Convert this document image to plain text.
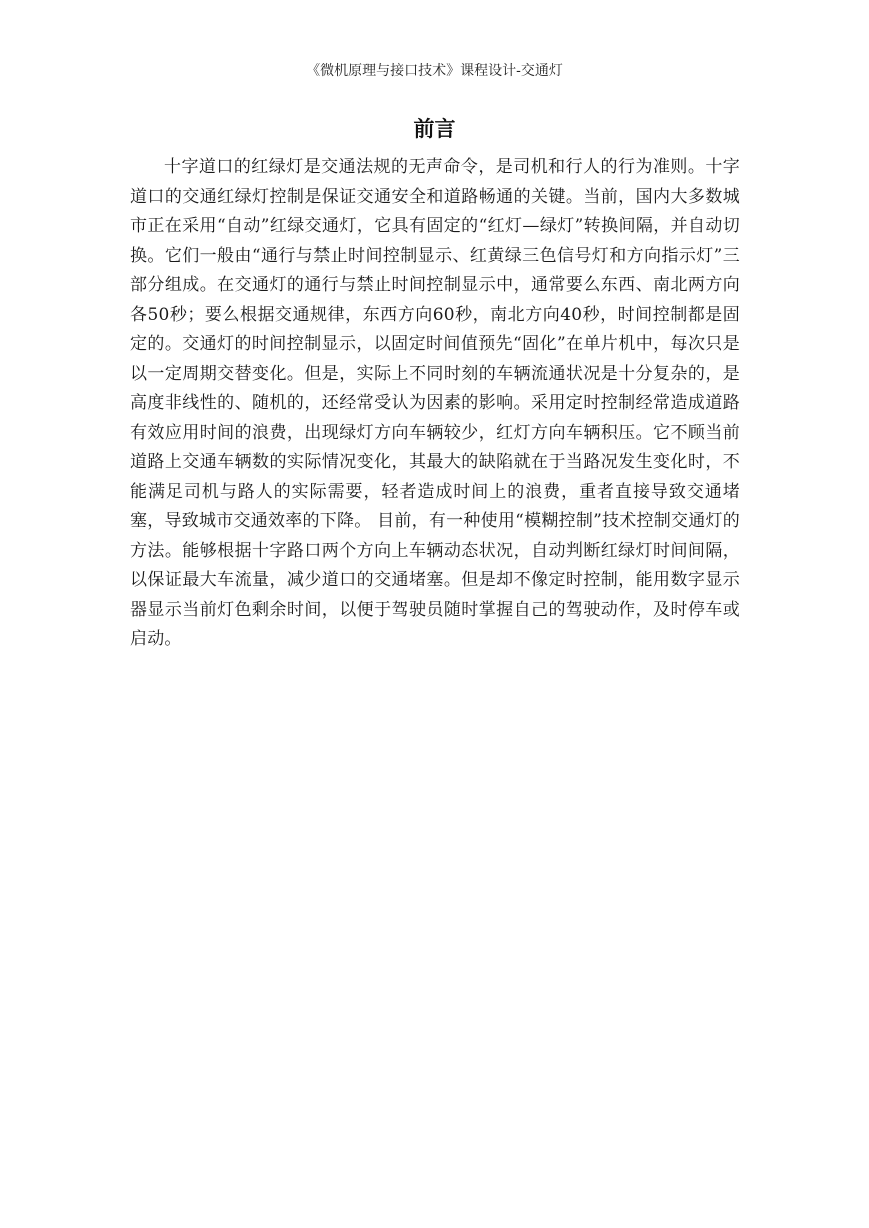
《微机原理与接口技术》课程设计-交通灯
前言

十字道口的红绿灯是交通法规的无声命令，是司机和行人的行为准则。十字道口的交通红绿灯控制是保证交通安全和道路畅通的关键。当前，国内大多数城市正在采用“自动”红绿交通灯，它具有固定的“红灯—绿灯”转换间隔，并自动切换。它们一般由“通行与禁止时间控制显示、红黄绿三色信号灯和方向指示灯”三部分组成。在交通灯的通行与禁止时间控制显示中，通常要么东西、南北两方向各50秒；要么根据交通规律，东西方向60秒，南北方向40秒，时间控制都是固定的。交通灯的时间控制显示，以固定时间值预先“固化”在单片机中，每次只是以一定周期交替变化。但是，实际上不同时刻的车辆流通状况是十分复杂的，是高度非线性的、随机的，还经常受认为因素的影响。采用定时控制经常造成道路有效应用时间的浪费，出现绿灯方向车辆较少，红灯方向车辆积压。它不顾当前道路上交通车辆数的实际情况变化，其最大的缺陷就在于当路况发生变化时，不能满足司机与路人的实际需要，轻者造成时间上的浪费，重者直接导致交通堵塞，导致城市交通效率的下降。 目前，有一种使用“模糊控制”技术控制交通灯的方法。能够根据十字路口两个方向上车辆动态状况，自动判断红绿灯时间间隔，以保证最大车流量，减少道口的交通堵塞。但是却不像定时控制，能用数字显示器显示当前灯色剩余时间，以便于驾驶员随时掌握自己的驾驶动作，及时停车或启动。
